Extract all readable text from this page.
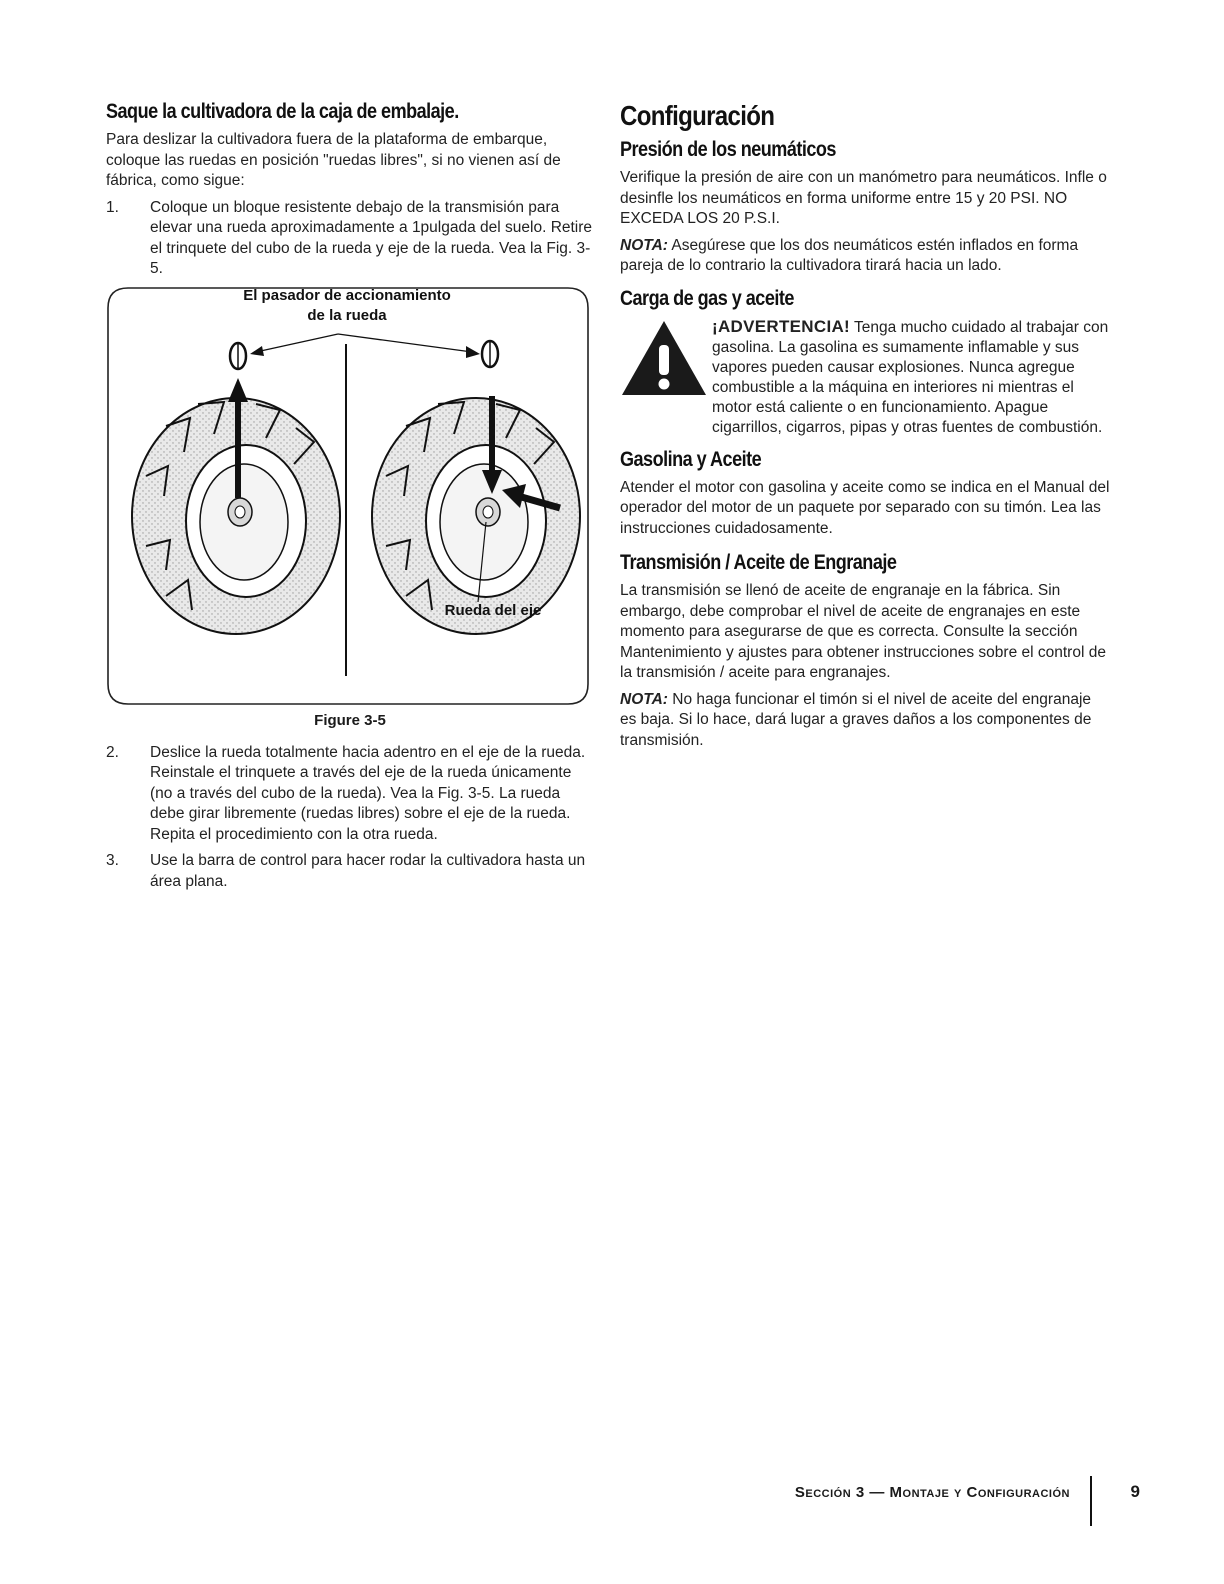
Saque la cultivadora de la caja de embalaje.

Para deslizar la cultivadora fuera de la plataforma de embarque, coloque las ruedas en posición "ruedas libres", si no vienen así de fábrica, como sigue:

1.	Coloque un bloque resistente debajo de la transmisión para elevar una rueda aproximadamente a 1pulgada del suelo. Retire el trinquete del cubo de la rueda y eje de la rueda. Vea la Fig. 3-5.
El pasador de accionamiento
de la rueda
Rueda del eje
Figure 3-5
2.	Deslice la rueda totalmente hacia adentro en el eje de la rueda. Reinstale el trinquete a través del eje de la rueda únicamente (no a través del cubo de la rueda). Vea la Fig. 3-5. La rueda debe girar libremente (ruedas libres) sobre el eje de la rueda. Repita el procedimiento con la otra rueda.
3.	Use la barra de control para hacer rodar la cultivadora hasta un área plana.
Configuración
Presión de los neumáticos

Verifique la presión de aire con un manómetro para neumáticos. Infle o desinfle los neumáticos en forma uniforme entre 15 y 20 PSI. NO EXCEDA LOS 20 P.S.I.

NOTA: Asegúrese que los dos neumáticos estén inflados en forma pareja de lo contrario la cultivadora tirará hacia un lado.

Carga de gas y aceite
¡ADVERTENCIA! Tenga mucho cuidado al trabajar con gasolina. La gasolina es sumamente inflamable y sus vapores pueden causar explosiones. Nunca agregue combustible a la máquina en interiores ni mientras el motor está caliente o en funcionamiento. Apague cigarrillos, cigarros, pipas y otras fuentes de combustión.
Gasolina y Aceite

Atender el motor con gasolina y aceite como se indica en el Manual del operador del motor de un paquete por separado con su timón. Lea las instrucciones cuidadosamente.

Transmisión / Aceite de Engranaje

La transmisión se llenó de aceite de engranaje en la fábrica. Sin embargo, debe comprobar el nivel de aceite de engranajes en este momento para asegurarse de que es correcta. Consulte la sección Mantenimiento y ajustes para obtener instrucciones sobre el control de la transmisión / aceite para engranajes.

NOTA: No haga funcionar el timón si el nivel de aceite del engranaje es baja. Si lo hace, dará lugar a graves daños a los componentes de transmisión.

Sección 3 — Montaje y Configuración	9
